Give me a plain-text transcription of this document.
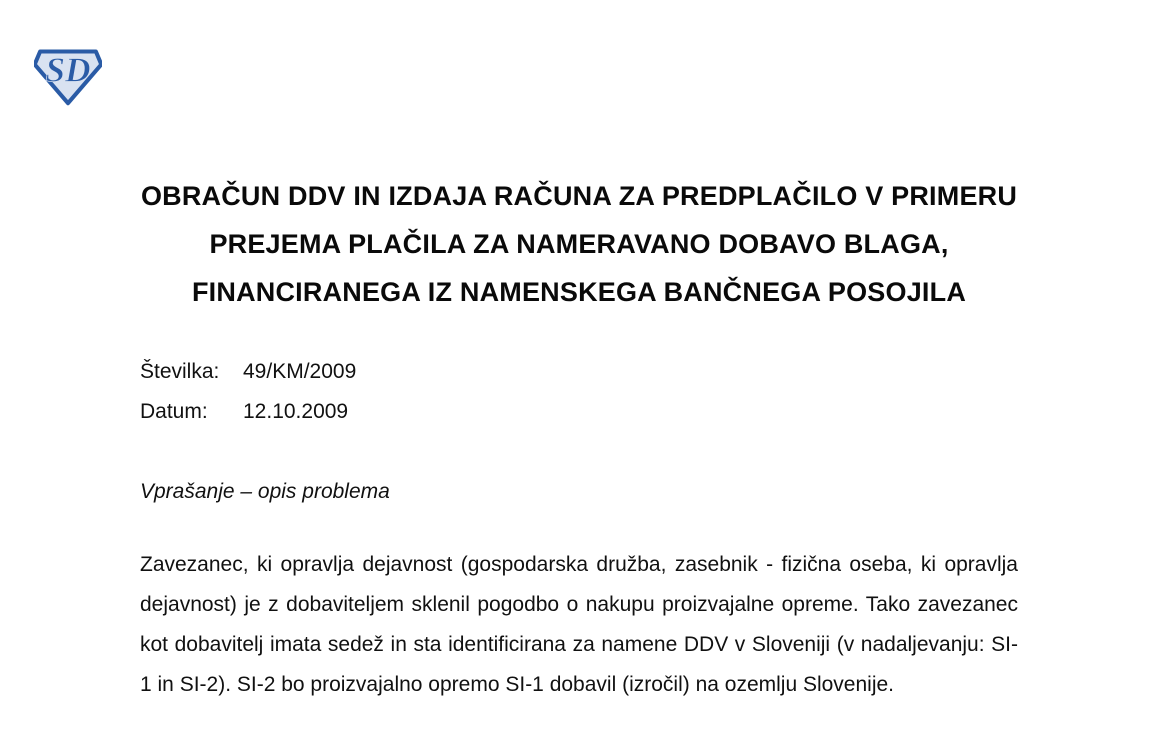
SD
OBRAČUN DDV IN IZDAJA RAČUNA ZA PREDPLAČILO V PRIMERU
PREJEMA PLAČILA ZA NAMERAVANO DOBAVO BLAGA,
FINANCIRANEGA IZ NAMENSKEGA BANČNEGA POSOJILA
Številka:	49/KM/2009
Datum:	12.10.2009
Vprašanje – opis problema

Zavezanec, ki opravlja dejavnost (gospodarska družba, zasebnik - fizična oseba, ki opravlja dejavnost) je z dobaviteljem sklenil pogodbo o nakupu proizvajalne opreme. Tako zavezanec kot dobavitelj imata sedež in sta identificirana za namene DDV v Sloveniji (v nadaljevanju: SI-1 in SI-2). SI-2 bo proizvajalno opremo SI-1 dobavil (izročil) na ozemlju Slovenije.
